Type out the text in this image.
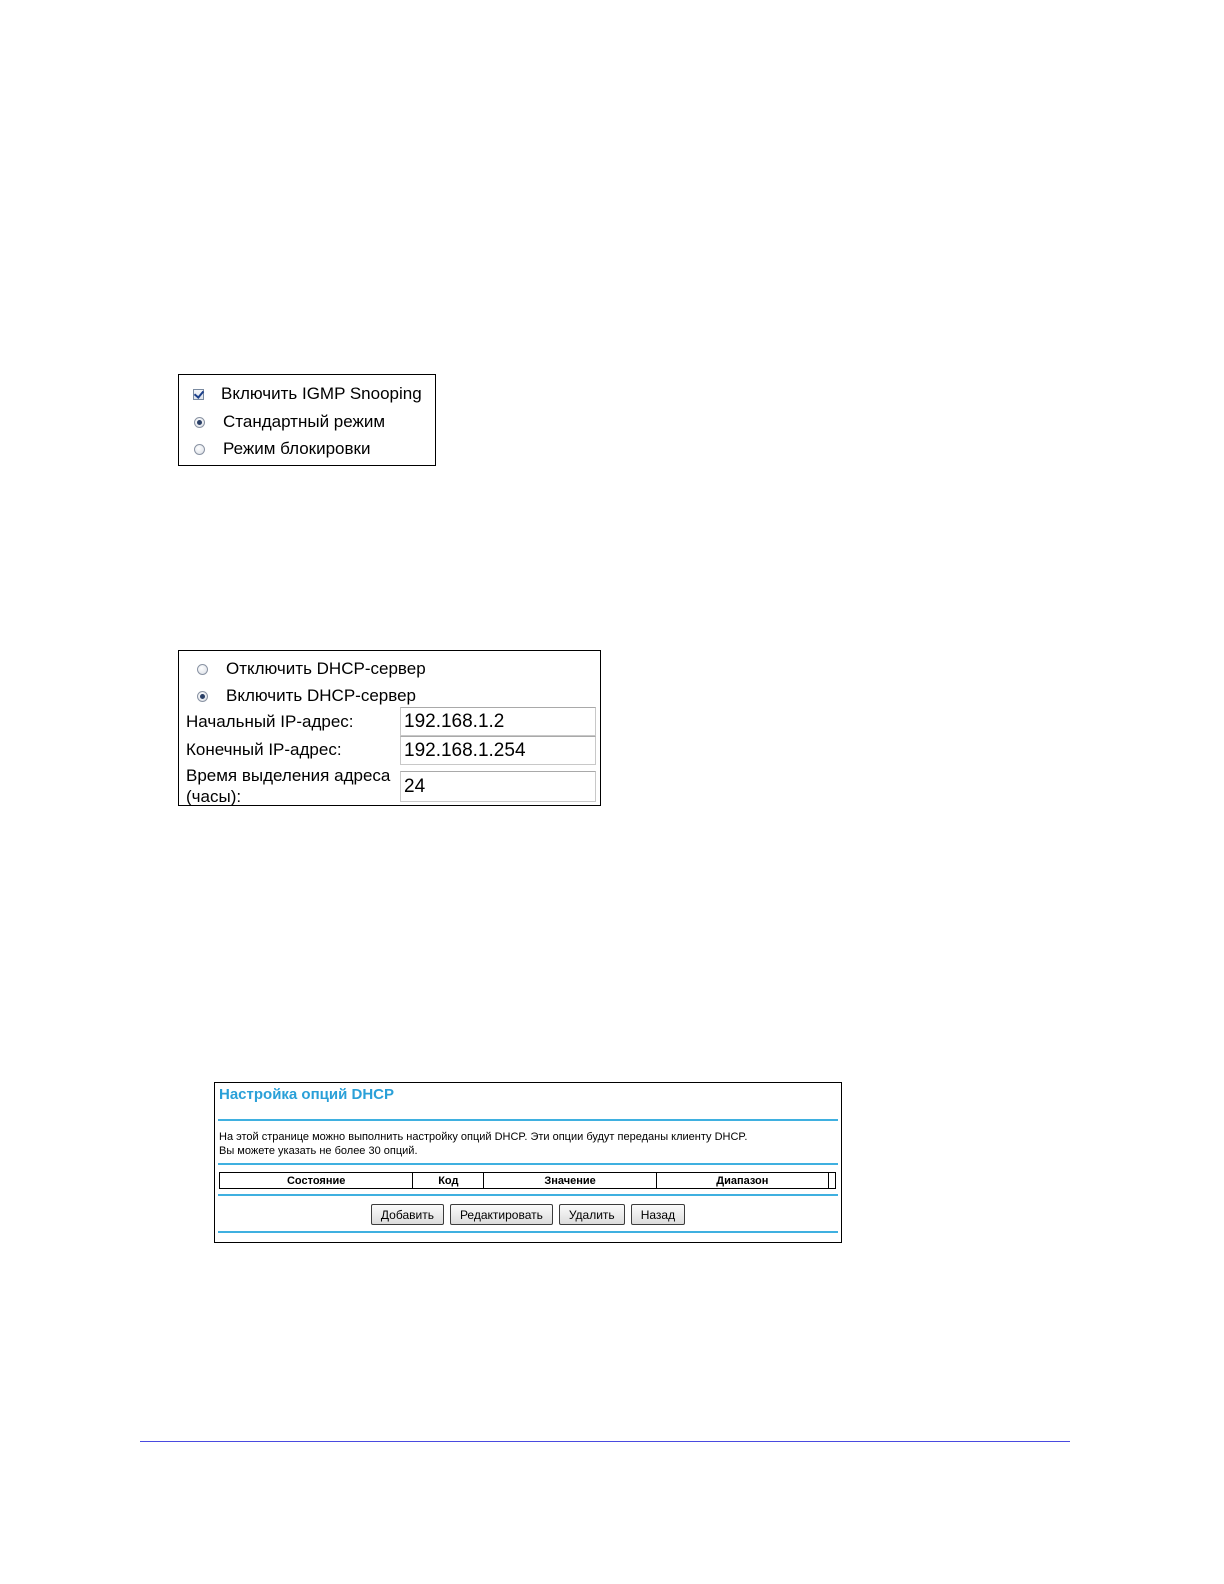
Включить IGMP Snooping
Стандартный режим
Режим блокировки
Отключить DHCP-сервер
Включить DHCP-сервер
Начальный IP-адрес:
192.168.1.2
Конечный IP-адрес:
192.168.1.254
Время выделения адреса
(часы):
24
Настройка опций DHCP
На этой странице можно выполнить настройку опций DHCP. Эти опции будут переданы клиенту DHCP.
Вы можете указать не более 30 опций.
Состояние	Код	Значение	Диапазон	
Добавить	Редактировать	Удалить	Назад
